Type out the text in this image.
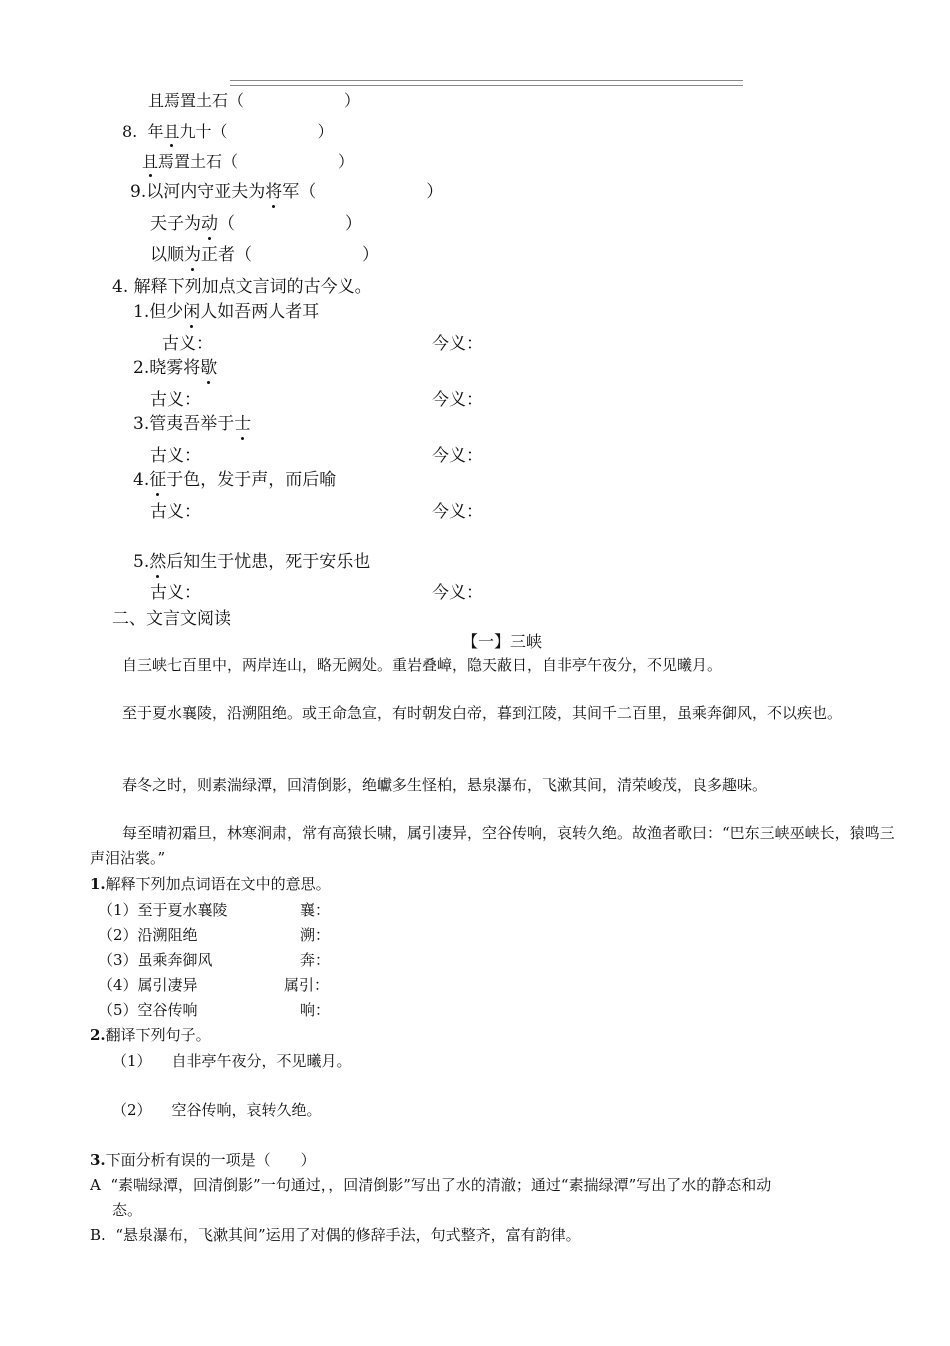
且焉置土石（	）
8. 年且九十（	）
且焉置土石（	）
9.以河内守亚夫为将军（	）
天子为动（	）
以顺为正者（	）
4. 解释下列加点文言词的古今义。
1.但少闲人如吾两人者耳
古义：	今义：
2.晓雾将歇
古义：	今义：
3.管夷吾举于士
古义：	今义：
4.征于色，发于声，而后喻
古义：	今义：
5.然后知生于忧患，死于安乐也
古义：	今义：
二、文言文阅读
【一】三峡
自三峡七百里中，两岸连山，略无阙处。重岩叠嶂，隐天蔽日，自非亭午夜分，不见曦月。
至于夏水襄陵，沿溯阻绝。或王命急宣，有时朝发白帝，暮到江陵，其间千二百里，虽乘奔御风，不以疾也。
春冬之时，则素湍绿潭，回清倒影，绝巘多生怪柏，悬泉瀑布，飞漱其间，清荣峻茂，良多趣味。
每至晴初霜旦，林寒涧肃，常有高猿长啸，属引凄异，空谷传响，哀转久绝。故渔者歌曰：“巴东三峡巫峡长，猿鸣三声泪沾裳。”
1.解释下列加点词语在文中的意思。
（1）至于夏水襄陵	襄：
（2）沿溯阻绝	溯：
（3）虽乘奔御风	奔：
（4）属引凄异	属引：
（5）空谷传响	响：
2.翻译下列句子。
（1） 自非亭午夜分，不见曦月。
（2） 空谷传响，哀转久绝。
3.下面分析有误的一项是（　　）
A “素喘绿潭，回清倒影”一句通过，，回清倒影”写出了水的清澈；通过“素揣绿潭”写出了水的静态和动
态。
B. “悬泉瀑布，飞漱其间”运用了对偶的修辞手法，句式整齐，富有韵律。
